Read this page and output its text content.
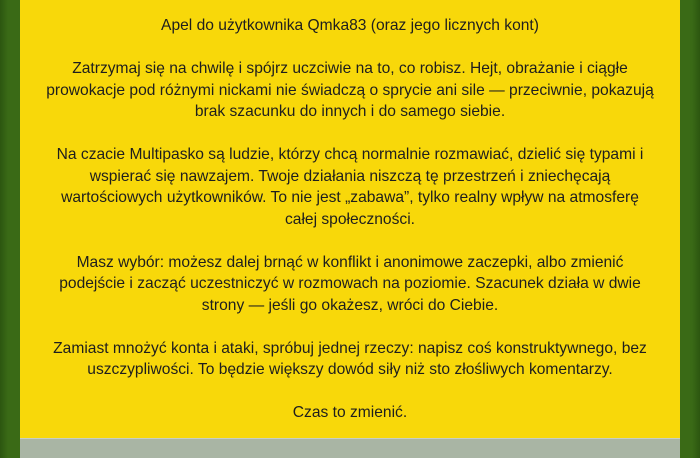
Apel do użytkownika Qmka83 (oraz jego licznych kont)
Zatrzymaj się na chwilę i spójrz uczciwie na to, co robisz. Hejt, obrażanie i ciągłe
prowokacje pod różnymi nickami nie świadczą o sprycie ani sile — przeciwnie, pokazują
brak szacunku do innych i do samego siebie.
Na czacie Multipasko są ludzie, którzy chcą normalnie rozmawiać, dzielić się typami i
wspierać się nawzajem. Twoje działania niszczą tę przestrzeń i zniechęcają
wartościowych użytkowników. To nie jest „zabawa”, tylko realny wpływ na atmosferę
całej społeczności.
Masz wybór: możesz dalej brnąć w konflikt i anonimowe zaczepki, albo zmienić
podejście i zacząć uczestniczyć w rozmowach na poziomie. Szacunek działa w dwie
strony — jeśli go okażesz, wróci do Ciebie.
Zamiast mnożyć konta i ataki, spróbuj jednej rzeczy: napisz coś konstruktywnego, bez
uszczypliwości. To będzie większy dowód siły niż sto złośliwych komentarzy.
Czas to zmienić.
